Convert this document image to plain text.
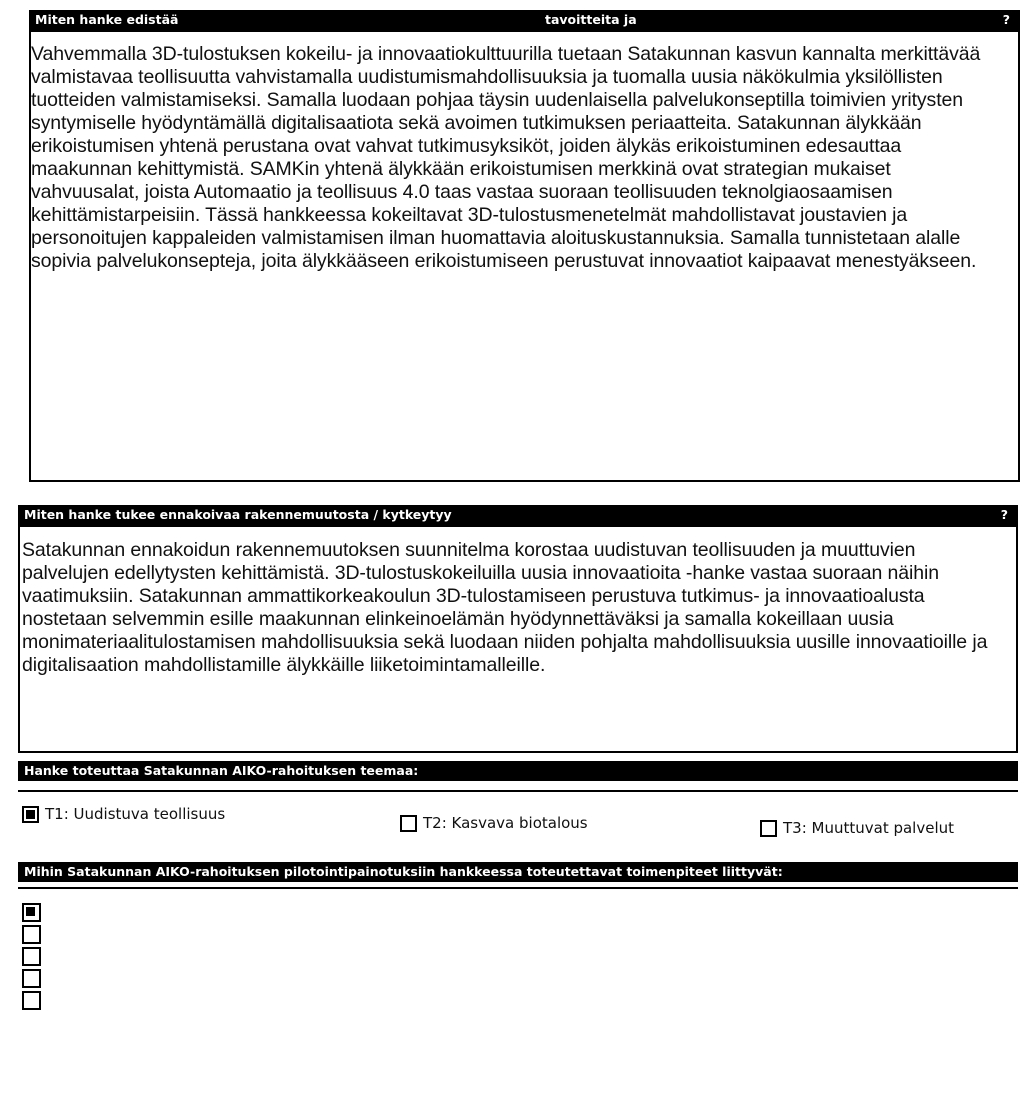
Miten hanke edistää	tavoitteita ja	?

Vahvemmalla 3D-tulostuksen kokeilu- ja innovaatiokulttuurilla tuetaan Satakunnan kasvun kannalta merkittävää valmistavaa teollisuutta vahvistamalla uudistumismahdollisuuksia ja tuomalla uusia näkökulmia yksilöllisten tuotteiden valmistamiseksi. Samalla luodaan pohjaa täysin uudenlaisella palvelukonseptilla toimivien yritysten syntymiselle hyödyntämällä digitalisaatiota sekä avoimen tutkimuksen periaatteita. Satakunnan älykkään erikoistumisen yhtenä perustana ovat vahvat tutkimusyksiköt, joiden älykäs erikoistuminen edesauttaa maakunnan kehittymistä. SAMKin yhtenä älykkään erikoistumisen merkkinä ovat strategian mukaiset vahvuusalat, joista Automaatio ja teollisuus 4.0 taas vastaa suoraan teollisuuden teknolgiaosaamisen kehittämistarpeisiin. Tässä hankkeessa kokeiltavat 3D-tulostusmenetelmät mahdollistavat joustavien ja personoitujen kappaleiden valmistamisen ilman huomattavia aloituskustannuksia. Samalla tunnistetaan alalle sopivia palvelukonsepteja, joita älykkääseen erikoistumiseen perustuvat innovaatiot kaipaavat menestyäkseen.

Miten hanke tukee ennakoivaa rakennemuutosta / kytkeytyy	?

Satakunnan ennakoidun rakennemuutoksen suunnitelma korostaa uudistuvan teollisuuden ja muuttuvien palvelujen edellytysten kehittämistä. 3D-tulostuskokeiluilla uusia innovaatioita -hanke vastaa suoraan näihin vaatimuksiin. Satakunnan ammattikorkeakoulun 3D-tulostamiseen perustuva tutkimus- ja innovaatioalusta nostetaan selvemmin esille maakunnan elinkeinoelämän hyödynnettäväksi ja samalla kokeillaan uusia monimateriaalitulostamisen mahdollisuuksia sekä luodaan niiden pohjalta mahdollisuuksia uusille innovaatioille ja digitalisaation mahdollistamille älykkäille liiketoimintamalleille.

Hanke toteuttaa Satakunnan AIKO-rahoituksen teemaa:
T1: Uudistuva teollisuus	T2: Kasvava biotalous	T3: Muuttuvat palvelut
Mihin Satakunnan AIKO-rahoituksen pilotointipainotuksiin hankkeessa toteutettavat toimenpiteet liittyvät:
